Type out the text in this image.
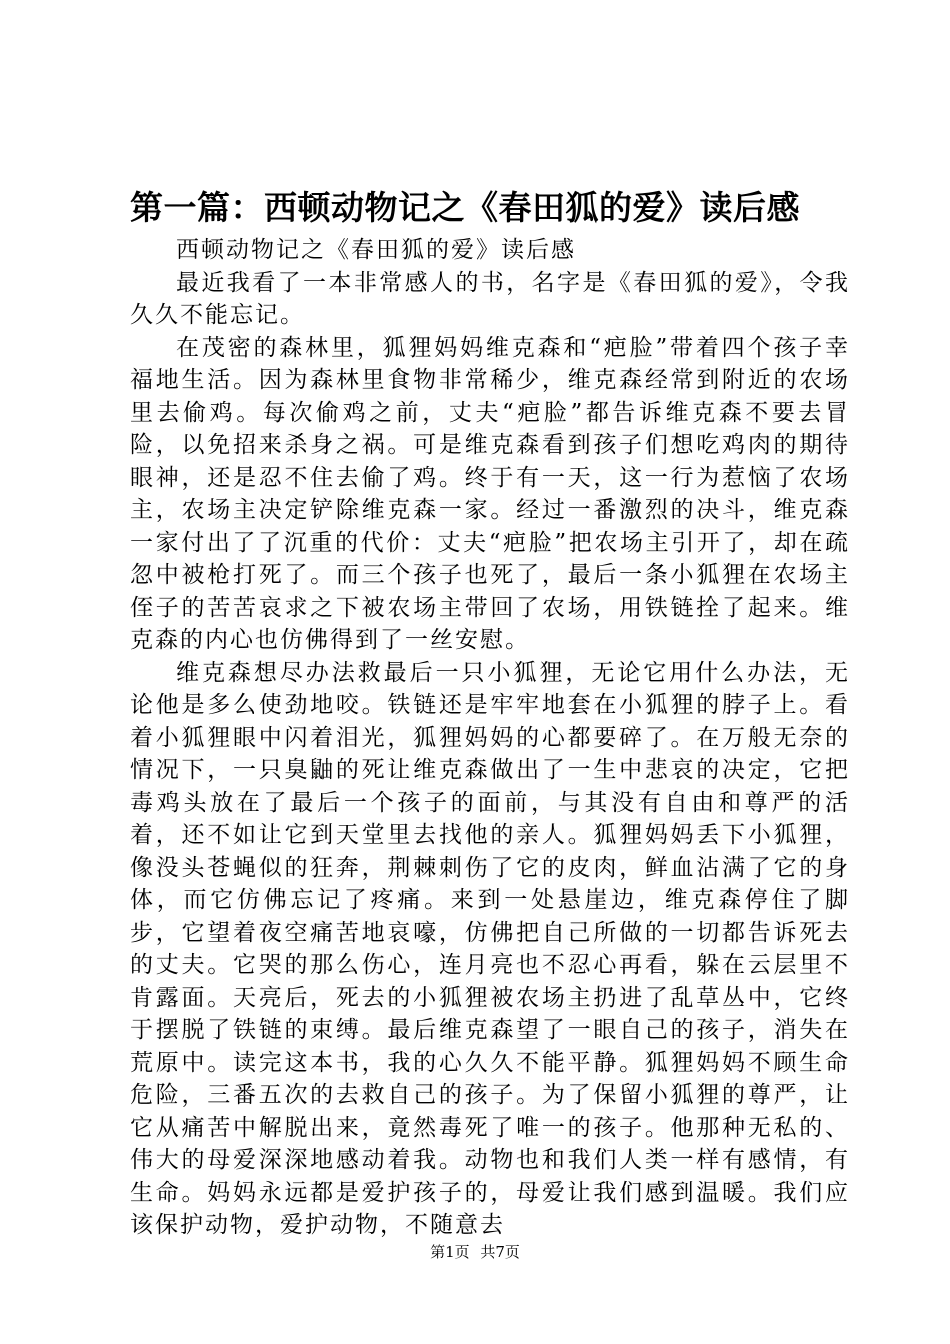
第一篇：西顿动物记之《春田狐的爱》读后感

西顿动物记之《春田狐的爱》读后感

最近我看了一本非常感人的书，名字是《春田狐的爱》，令我久久不能忘记。

在茂密的森林里，狐狸妈妈维克森和“疤脸”带着四个孩子幸福地生活。因为森林里食物非常稀少，维克森经常到附近的农场里去偷鸡。每次偷鸡之前，丈夫“疤脸”都告诉维克森不要去冒险，以免招来杀身之祸。可是维克森看到孩子们想吃鸡肉的期待眼神，还是忍不住去偷了鸡。终于有一天，这一行为惹恼了农场主，农场主决定铲除维克森一家。经过一番激烈的决斗，维克森一家付出了了沉重的代价：丈夫“疤脸”把农场主引开了，却在疏忽中被枪打死了。而三个孩子也死了，最后一条小狐狸在农场主侄子的苦苦哀求之下被农场主带回了农场，用铁链拴了起来。维克森的内心也仿佛得到了一丝安慰。

维克森想尽办法救最后一只小狐狸，无论它用什么办法，无论他是多么使劲地咬。铁链还是牢牢地套在小狐狸的脖子上。看着小狐狸眼中闪着泪光，狐狸妈妈的心都要碎了。在万般无奈的情况下，一只臭鼬的死让维克森做出了一生中悲哀的决定，它把毒鸡头放在了最后一个孩子的面前，与其没有自由和尊严的活着，还不如让它到天堂里去找他的亲人。狐狸妈妈丢下小狐狸，像没头苍蝇似的狂奔，荆棘刺伤了它的皮肉，鲜血沾满了它的身体，而它仿佛忘记了疼痛。来到一处悬崖边，维克森停住了脚步，它望着夜空痛苦地哀嚎，仿佛把自己所做的一切都告诉死去的丈夫。它哭的那么伤心，连月亮也不忍心再看，躲在云层里不肯露面。天亮后，死去的小狐狸被农场主扔进了乱草丛中，它终于摆脱了铁链的束缚。最后维克森望了一眼自己的孩子，消失在荒原中。读完这本书，我的心久久不能平静。狐狸妈妈不顾生命危险，三番五次的去救自己的孩子。为了保留小狐狸的尊严，让它从痛苦中解脱出来，竟然毒死了唯一的孩子。他那种无私的、伟大的母爱深深地感动着我。动物也和我们人类一样有感情，有生命。妈妈永远都是爱护孩子的，母爱让我们感到温暖。我们应该保护动物，爱护动物，不随意去

第1页 共7页
